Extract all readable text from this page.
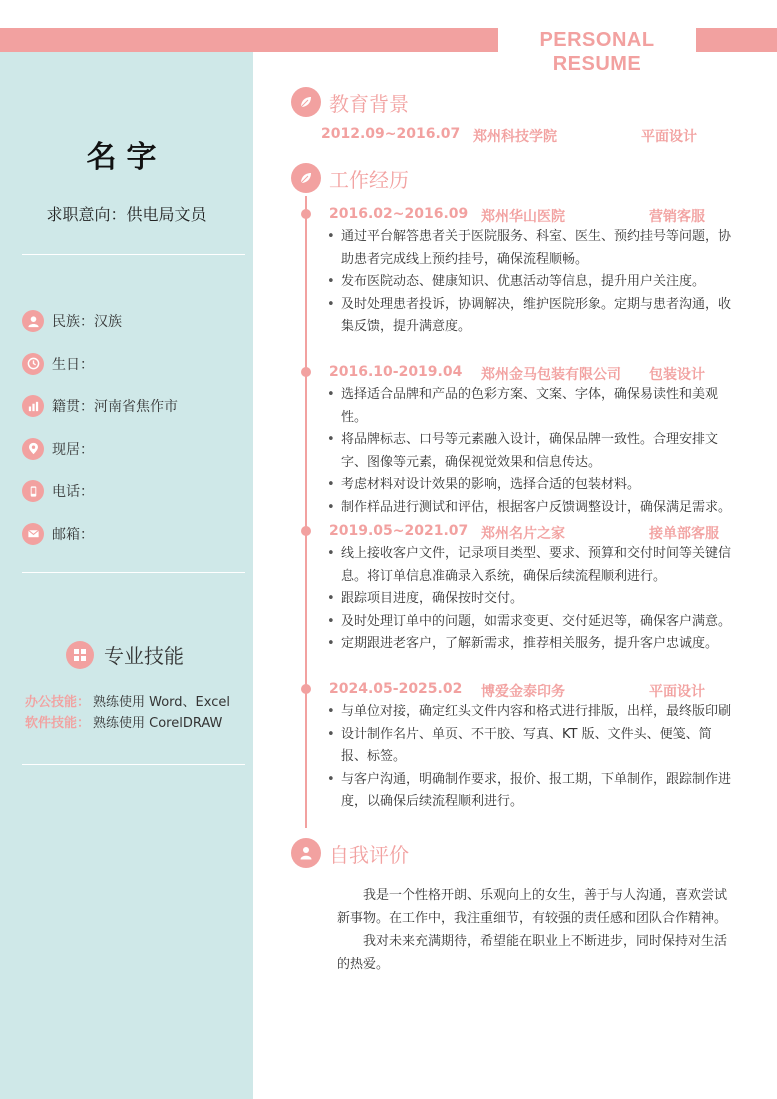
名字
求职意向：供电局文员
民族：汉族
生日：
籍贯：河南省焦作市
现居：
电话：
邮箱：
专业技能
办公技能： 熟练使用 Word、Excel
软件技能： 熟练使用 CorelDRAW
PERSONAL RESUME
教育背景
2012.09~2016.07 郑州科技学院	平面设计
工作经历
2016.02~2016.09 郑州华山医院	营销客服
• 通过平台解答患者关于医院服务、科室、医生、预约挂号等问题，协助患者完成线上预约挂号，确保流程顺畅。
• 发布医院动态、健康知识、优惠活动等信息，提升用户关注度。
• 及时处理患者投诉，协调解决，维护医院形象。定期与患者沟通，收集反馈，提升满意度。
2016.10-2019.04	郑州金马包装有限公司	包装设计
• 选择适合品牌和产品的色彩方案、文案、字体，确保易读性和美观性。
• 将品牌标志、口号等元素融入设计，确保品牌一致性。合理安排文字、图像等元素，确保视觉效果和信息传达。
• 考虑材料对设计效果的影响，选择合适的包装材料。
• 制作样品进行测试和评估，根据客户反馈调整设计，确保满足需求。
2019.05~2021.07 郑州名片之家	接单部客服
• 线上接收客户文件，记录项目类型、要求、预算和交付时间等关键信息。将订单信息准确录入系统，确保后续流程顺利进行。
• 跟踪项目进度，确保按时交付。
• 及时处理订单中的问题，如需求变更、交付延迟等，确保客户满意。
• 定期跟进老客户，了解新需求，推荐相关服务，提升客户忠诚度。
2024.05-2025.02	博爱金泰印务	平面设计
• 与单位对接，确定红头文件内容和格式进行排版，出样，最终版印刷
• 设计制作名片、单页、不干胶、写真、KT 版、文件头、便笺、简报、标签。
• 与客户沟通，明确制作要求，报价、报工期，下单制作，跟踪制作进度，以确保后续流程顺利进行。
自我评价

我是一个性格开朗、乐观向上的女生，善于与人沟通，喜欢尝试新事物。在工作中，我注重细节，有较强的责任感和团队合作精神。

我对未来充满期待，希望能在职业上不断进步，同时保持对生活的热爱。
